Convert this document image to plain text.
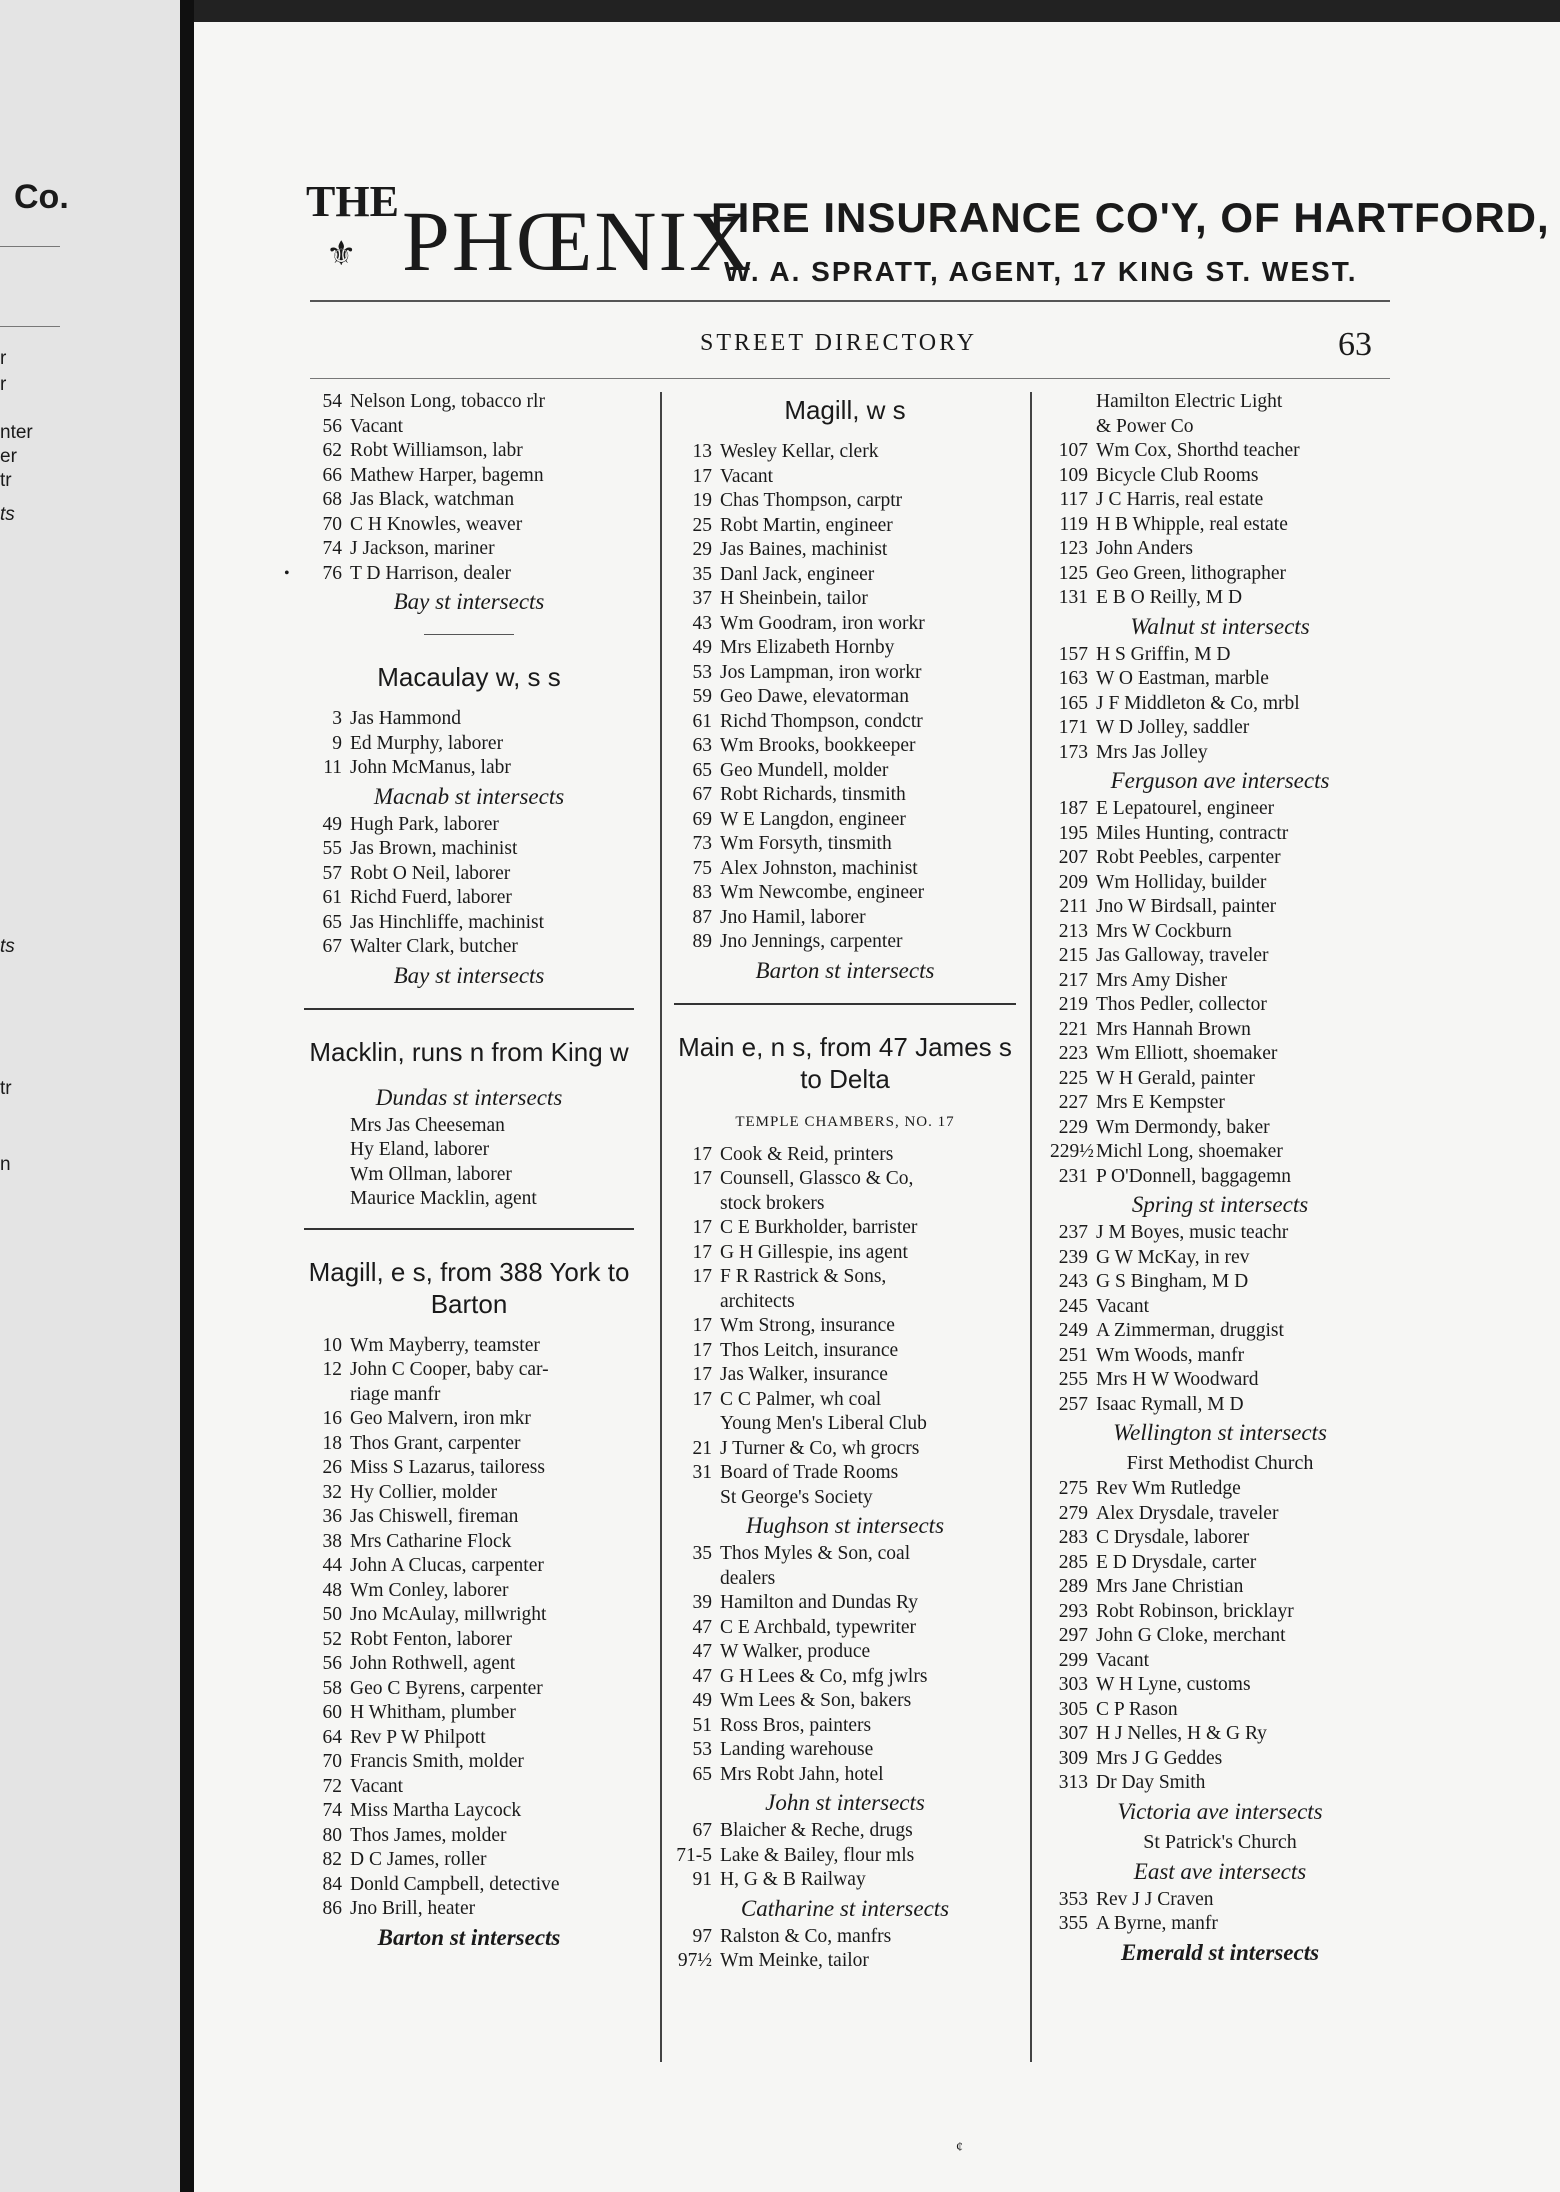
Co.
r
r
nter
er
tr
ts
ts
tr
n
THE
⚜ PHŒNIX
FIRE INSURANCE CO'Y, OF HARTFORD,
W. A. SPRATT, AGENT, 17 KING ST. WEST.
STREET DIRECTORY	63
54 Nelson Long, tobacco rlr
56 Vacant
62 Robt Williamson, labr
66 Mathew Harper, bagemn
68 Jas Black, watchman
70 C H Knowles, weaver
74 J Jackson, mariner
• 76 T D Harrison, dealer
Bay st intersects
Macaulay w, s s
3 Jas Hammond
9 Ed Murphy, laborer
11 John McManus, labr
Macnab st intersects
49 Hugh Park, laborer
55 Jas Brown, machinist
57 Robt O Neil, laborer
61 Richd Fuerd, laborer
65 Jas Hinchliffe, machinist
67 Walter Clark, butcher
Bay st intersects
Macklin, runs n from King w
Dundas st intersects
Mrs Jas Cheeseman
Hy Eland, laborer
Wm Ollman, laborer
Maurice Macklin, agent
Magill, e s, from 388 York to Barton
10 Wm Mayberry, teamster
12 John C Cooper, baby car-
riage manfr
16 Geo Malvern, iron mkr
18 Thos Grant, carpenter
26 Miss S Lazarus, tailoress
32 Hy Collier, molder
36 Jas Chiswell, fireman
38 Mrs Catharine Flock
44 John A Clucas, carpenter
48 Wm Conley, laborer
50 Jno McAulay, millwright
52 Robt Fenton, laborer
56 John Rothwell, agent
58 Geo C Byrens, carpenter
60 H Whitham, plumber
64 Rev P W Philpott
70 Francis Smith, molder
72 Vacant
74 Miss Martha Laycock
80 Thos James, molder
82 D C James, roller
84 Donld Campbell, detective
86 Jno Brill, heater
Barton st intersects
Magill, w s
13 Wesley Kellar, clerk
17 Vacant
19 Chas Thompson, carptr
25 Robt Martin, engineer
29 Jas Baines, machinist
35 Danl Jack, engineer
37 H Sheinbein, tailor
43 Wm Goodram, iron workr
49 Mrs Elizabeth Hornby
53 Jos Lampman, iron workr
59 Geo Dawe, elevatorman
61 Richd Thompson, condctr
63 Wm Brooks, bookkeeper
65 Geo Mundell, molder
67 Robt Richards, tinsmith
69 W E Langdon, engineer
73 Wm Forsyth, tinsmith
75 Alex Johnston, machinist
83 Wm Newcombe, engineer
87 Jno Hamil, laborer
89 Jno Jennings, carpenter
Barton st intersects
Main e, n s, from 47 James s to Delta
TEMPLE CHAMBERS, NO. 17
17 Cook & Reid, printers
17 Counsell, Glassco & Co,
stock brokers
17 C E Burkholder, barrister
17 G H Gillespie, ins agent
17 F R Rastrick & Sons,
architects
17 Wm Strong, insurance
17 Thos Leitch, insurance
17 Jas Walker, insurance
17 C C Palmer, wh coal
Young Men's Liberal Club
21 J Turner & Co, wh grocrs
31 Board of Trade Rooms
St George's Society
Hughson st intersects
35 Thos Myles & Son, coal
dealers
39 Hamilton and Dundas Ry
47 C E Archbald, typewriter
47 W Walker, produce
47 G H Lees & Co, mfg jwlrs
49 Wm Lees & Son, bakers
51 Ross Bros, painters
53 Landing warehouse
65 Mrs Robt Jahn, hotel
John st intersects
67 Blaicher & Reche, drugs
71-5 Lake & Bailey, flour mls
91 H, G & B Railway
Catharine st intersects
97 Ralston & Co, manfrs
97½ Wm Meinke, tailor
Hamilton Electric Light
& Power Co
107 Wm Cox, Shorthd teacher
109 Bicycle Club Rooms
117 J C Harris, real estate
119 H B Whipple, real estate
123 John Anders
125 Geo Green, lithographer
131 E B O Reilly, M D
Walnut st intersects
157 H S Griffin, M D
163 W O Eastman, marble
165 J F Middleton & Co, mrbl
171 W D Jolley, saddler
173 Mrs Jas Jolley
Ferguson ave intersects
187 E Lepatourel, engineer
195 Miles Hunting, contractr
207 Robt Peebles, carpenter
209 Wm Holliday, builder
211 Jno W Birdsall, painter
213 Mrs W Cockburn
215 Jas Galloway, traveler
217 Mrs Amy Disher
219 Thos Pedler, collector
221 Mrs Hannah Brown
223 Wm Elliott, shoemaker
225 W H Gerald, painter
227 Mrs E Kempster
229 Wm Dermondy, baker
229½ Michl Long, shoemaker
231 P O'Donnell, baggagemn
Spring st intersects
237 J M Boyes, music teachr
239 G W McKay, in rev
243 G S Bingham, M D
245 Vacant
249 A Zimmerman, druggist
251 Wm Woods, manfr
255 Mrs H W Woodward
257 Isaac Rymall, M D
Wellington st intersects
First Methodist Church
275 Rev Wm Rutledge
279 Alex Drysdale, traveler
283 C Drysdale, laborer
285 E D Drysdale, carter
289 Mrs Jane Christian
293 Robt Robinson, bricklayr
297 John G Cloke, merchant
299 Vacant
303 W H Lyne, customs
305 C P Rason
307 H J Nelles, H & G Ry
309 Mrs J G Geddes
313 Dr Day Smith
Victoria ave intersects
St Patrick's Church
East ave intersects
353 Rev J J Craven
355 A Byrne, manfr
Emerald st intersects
¢
